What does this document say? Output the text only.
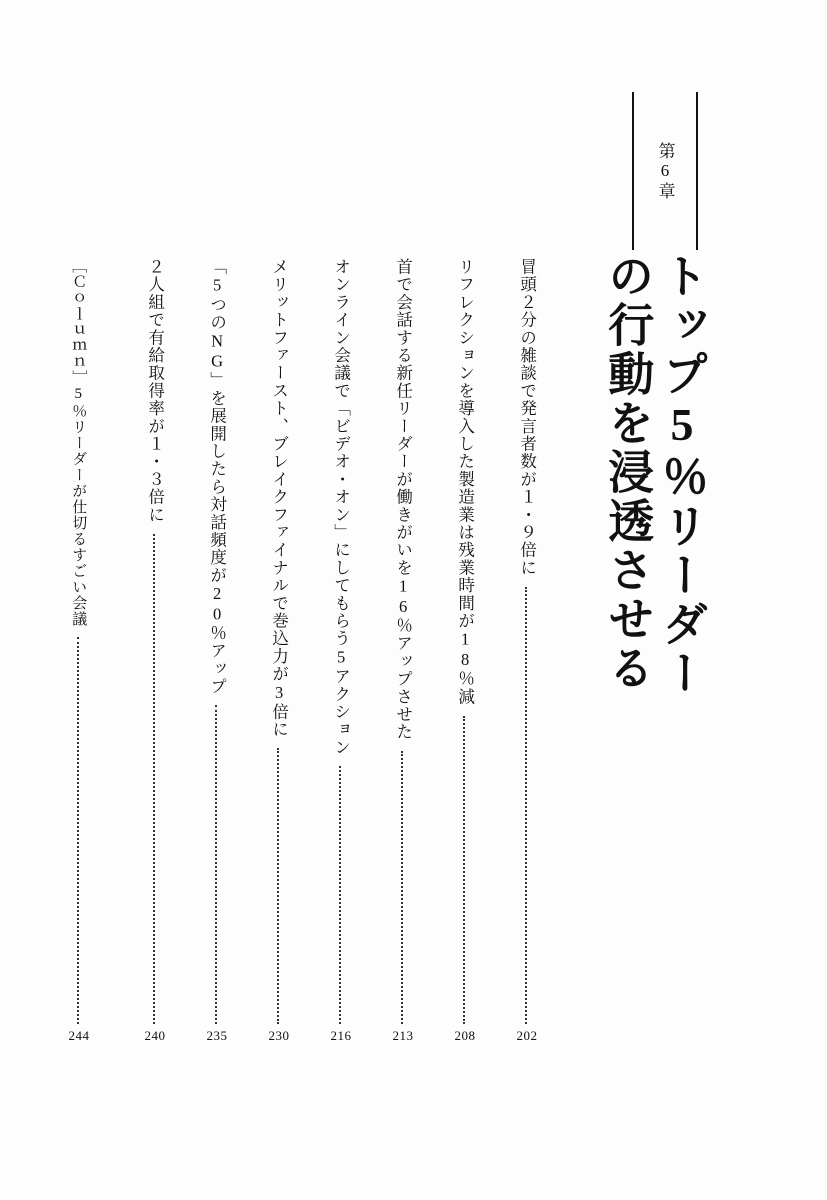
第6章
トップ5％リーダーの行動を浸透させる
冒頭２分の雑談で発言者数が１・９倍に
202
リフレクションを導入した製造業は残業時間が18％減
208
首で会話する新任リーダーが働きがいを16％アップさせた
213
オンライン会議で「ビデオ・オン」にしてもらう5アクション
216
メリットファースト、ブレイクファイナルで巻込力が3倍に
230
「5つのNG」を展開したら対話頻度が20％アップ
235
２人組で有給取得率が１・３倍に
240
［Ｃｏｌｕｍｎ］5％リーダーが仕切るすごい会議
244
